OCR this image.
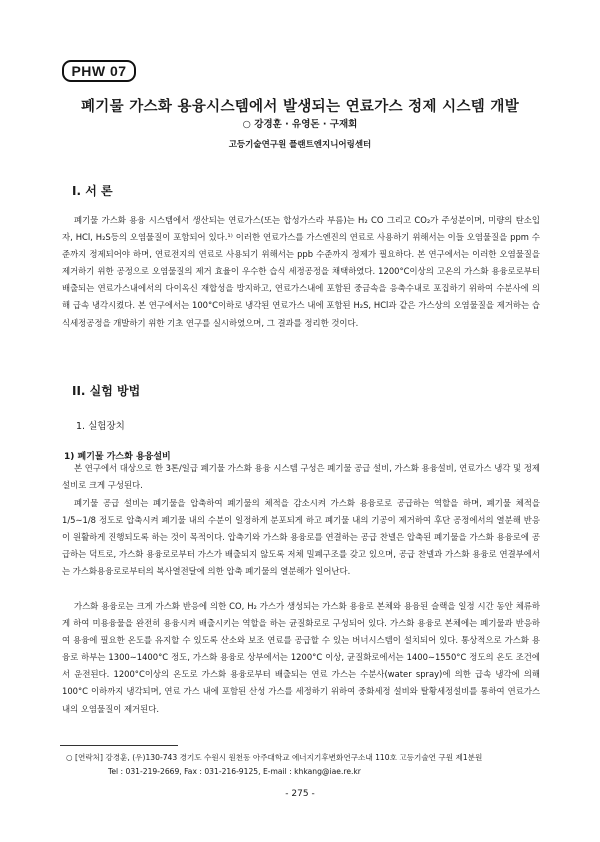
PHW 07
폐기물 가스화 용융시스템에서 발생되는 연료가스 정제 시스템 개발
○ 강경훈 · 유영돈 · 구재회
고등기술연구원 플랜트엔지니어링센터
I. 서 론

폐기물 가스화 용융 시스템에서 생산되는 연료가스(또는 합성가스라 부름)는 H₂ CO 그리고 CO₂가 주성분이며, 미량의 탄소입자, HCl, H₂S등의 오염물질이 포함되어 있다.¹⁾ 이러한 연료가스를 가스엔진의 연료로 사용하기 위해서는 이들 오염물질을 ppm 수준까지 정제되어야 하며, 연료전지의 연료로 사용되기 위해서는 ppb 수준까지 정제가 필요하다. 본 연구에서는 이러한 오염물질을 제거하기 위한 공정으로 오염물질의 제거 효율이 우수한 습식 세정공정을 채택하였다. 1200°C이상의 고온의 가스화 용융로로부터 배출되는 연료가스내에서의 다이옥신 재합성을 방지하고, 연료가스내에 포함된 중금속을 응축수내로 포집하기 위하여 수분사에 의해 급속 냉각시켰다. 본 연구에서는 100°C이하로 냉각된 연료가스 내에 포함된 H₂S, HCl과 같은 가스상의 오염물질을 제거하는 습식세정공정을 개발하기 위한 기초 연구를 실시하였으며, 그 결과를 정리한 것이다.

II. 실험 방법
1. 실험장치
1) 폐기물 가스화 용융설비

본 연구에서 대상으로 한 3톤/일급 폐기물 가스화 용융 시스템 구성은 폐기물 공급 설비, 가스화 용융설비, 연료가스 냉각 및 정제 설비로 크게 구성된다.

폐기물 공급 설비는 폐기물을 압축하여 폐기물의 체적을 감소시켜 가스화 용융로로 공급하는 역할을 하며, 폐기물 체적을 1/5∼1/8 정도로 압축시켜 폐기물 내의 수분이 일정하게 분포되게 하고 폐기물 내의 기공이 제거하여 후단 공정에서의 열분해 반응이 원활하게 진행되도록 하는 것이 목적이다. 압축기와 가스화 용융로를 연결하는 공급 찬넬은 압축된 폐기물을 가스화 용융로에 공급하는 덕트로, 가스화 용융로로부터 가스가 배출되지 않도록 저체 밀폐구조를 갖고 있으며, 공급 찬넬과 가스화 용융로 연결부에서는 가스화용융로로부터의 복사열전달에 의한 압축 폐기물의 열분해가 일어난다.

가스화 용융로는 크게 가스화 반응에 의한 CO, H₂ 가스가 생성되는 가스화 용융로 본체와 용융된 슬랙을 일정 시간 동안 체류하게 하여 미용융물을 완전히 용융시켜 배출시키는 역할을 하는 균질화로로 구성되어 있다. 가스화 용융로 본체에는 폐기물과 반응하여 용융에 필요한 온도를 유지할 수 있도록 산소와 보조 연료를 공급할 수 있는 버너시스템이 설치되어 있다. 통상적으로 가스화 용융로 하부는 1300∼1400°C 정도, 가스화 용융로 상부에서는 1200°C 이상, 균질화로에서는 1400∼1550°C 정도의 온도 조건에서 운전된다. 1200°C이상의 온도로 가스화 용융로부터 배출되는 연료 가스는 수분사(water spray)에 의한 급속 냉각에 의해 100°C 이하까지 냉각되며, 연료 가스 내에 포함된 산성 가스를 세정하기 위하여 중화세정 설비와 탈황세정설비를 통하여 연료가스내의 오염물질이 제거된다.

○ [연락처] 강경훈, (우)130-743 경기도 수원시 원천동 아주대학교 에너지기후변화연구소내 110호 고등기술연 구원 제1분원
Tel : 031-219-2669, Fax : 031-216-9125, E-mail : khkang@iae.re.kr
- 275 -
